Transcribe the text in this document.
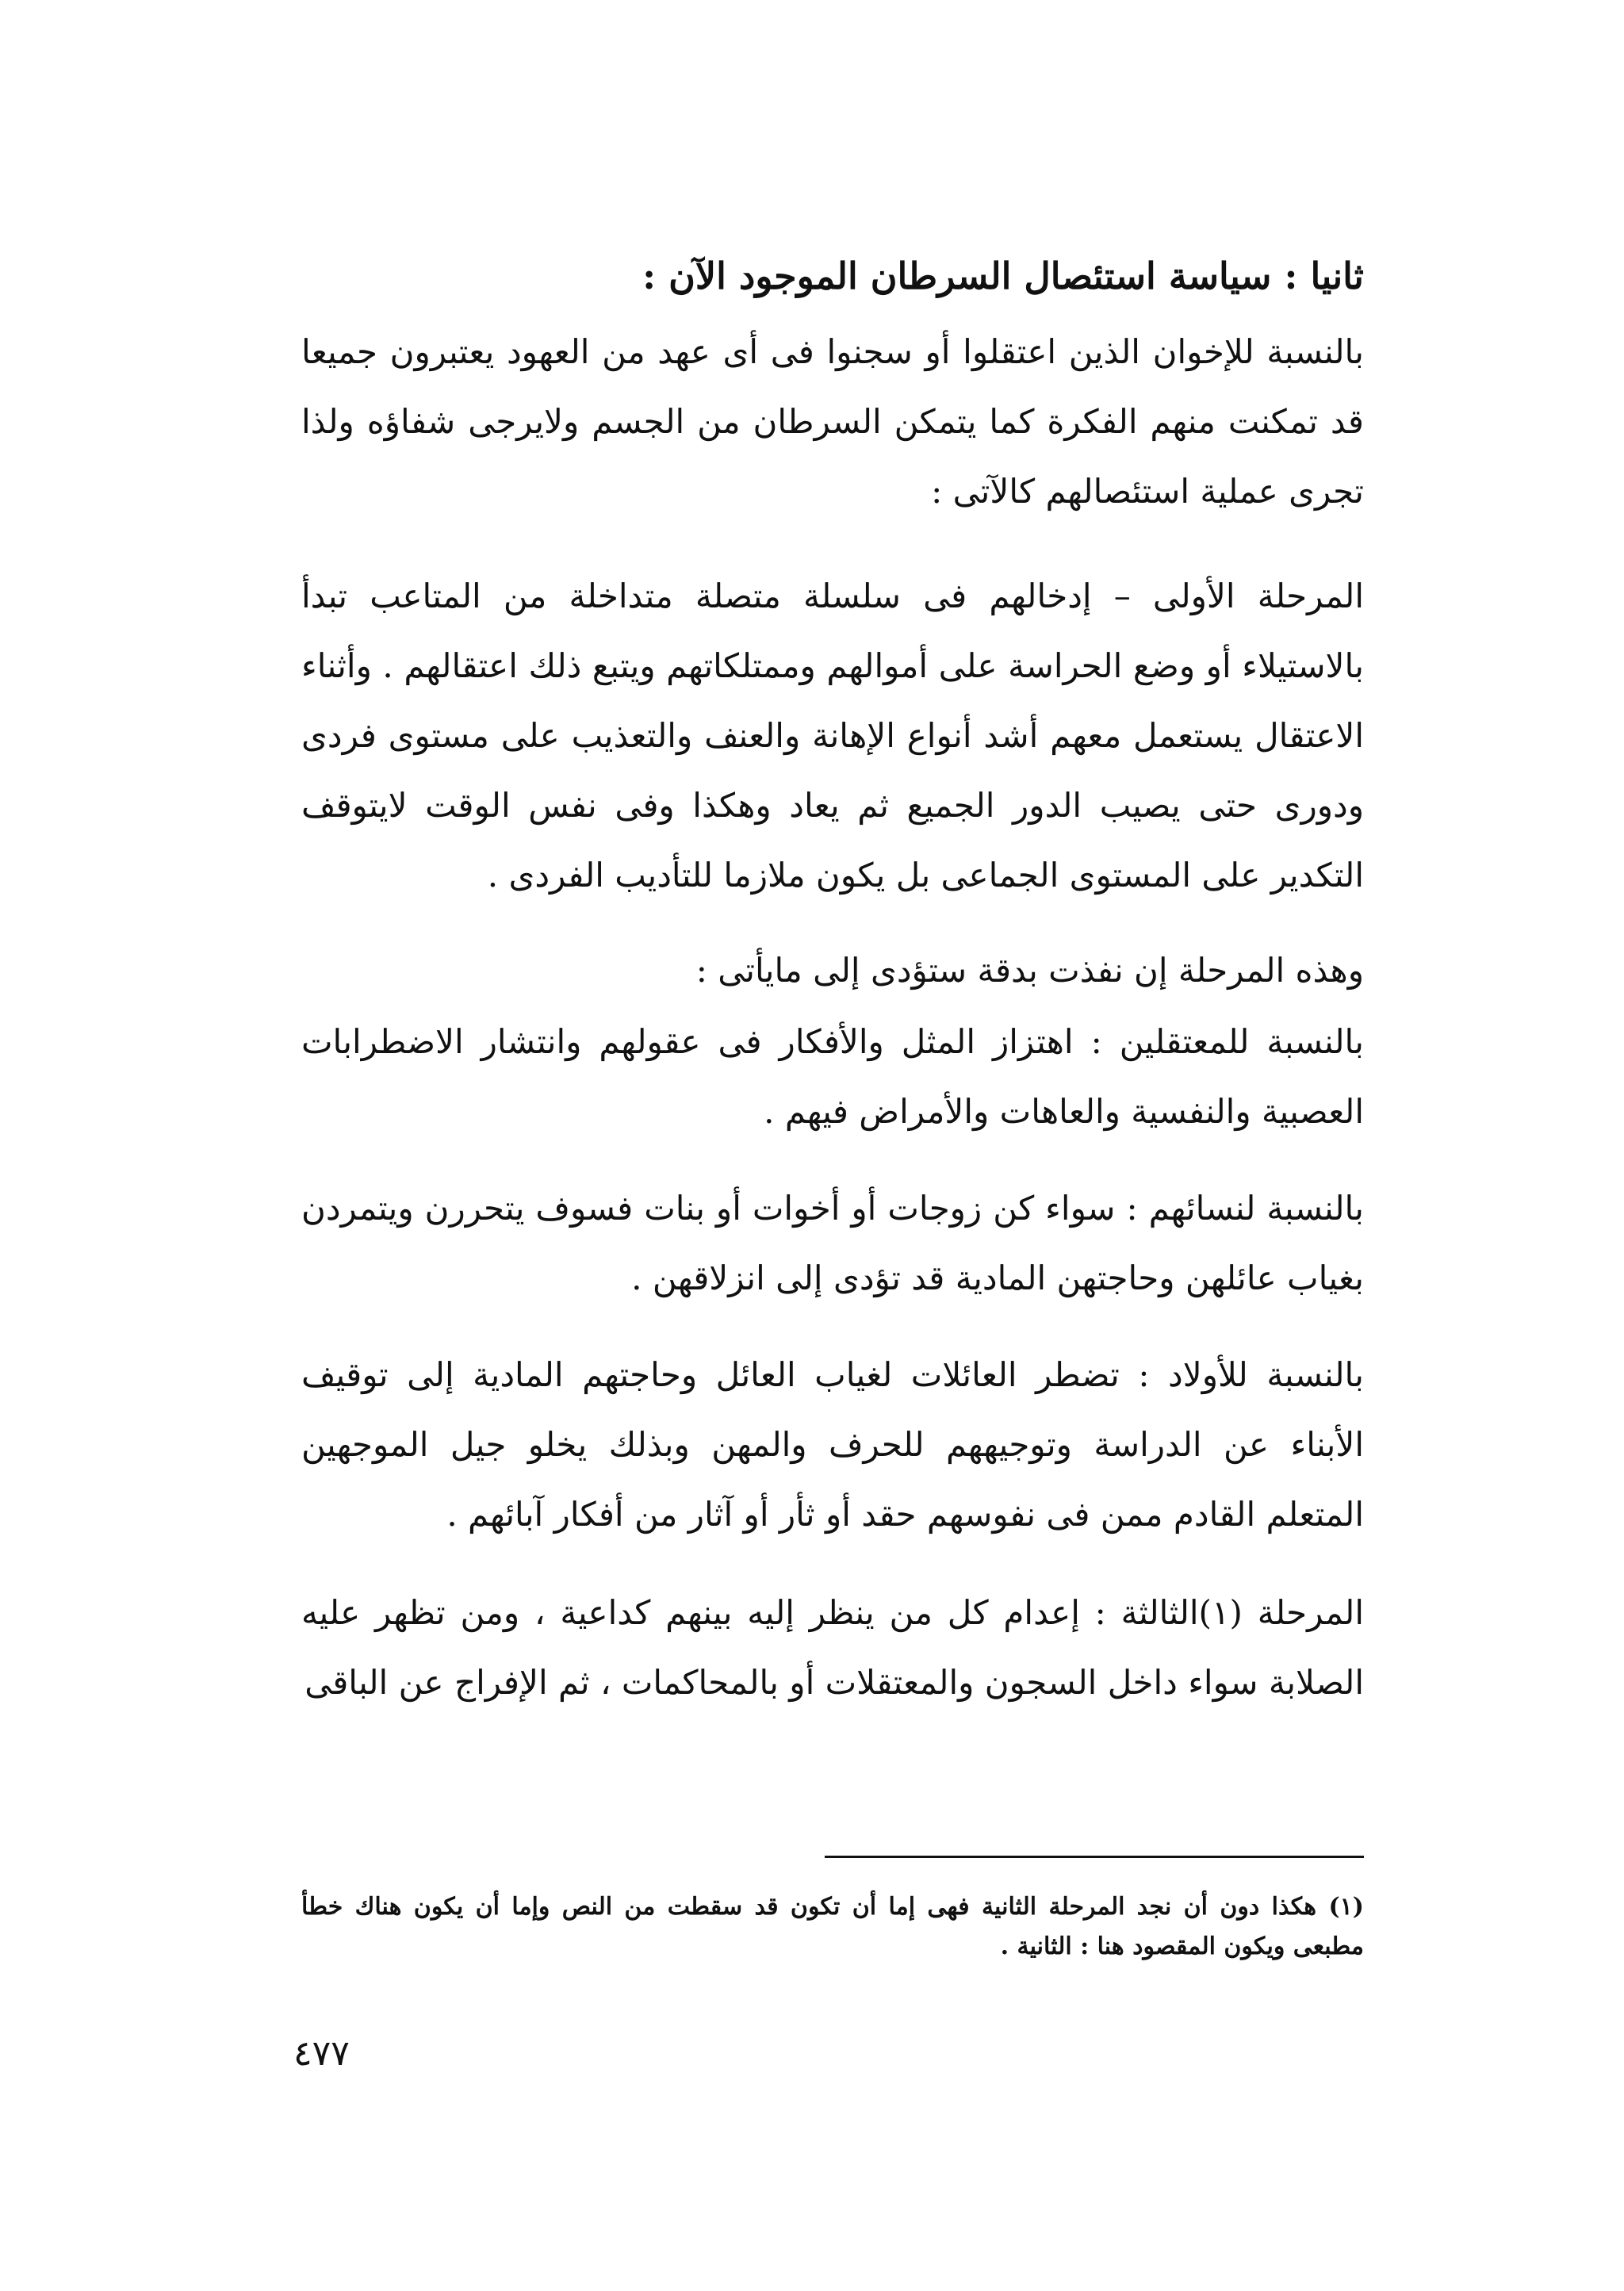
ثانيا : سياسة استئصال السرطان الموجود الآن :
بالنسبة للإخوان الذين اعتقلوا أو سجنوا فى أى عهد من العهود يعتبرون جميعا قد تمكنت منهم الفكرة كما يتمكن السرطان من الجسم ولايرجى شفاؤه ولذا تجرى عملية استئصالهم كالآتى :
المرحلة الأولى – إدخالهم فى سلسلة متصلة متداخلة من المتاعب تبدأ بالاستيلاء أو وضع الحراسة على أموالهم وممتلكاتهم ويتبع ذلك اعتقالهم . وأثناء الاعتقال يستعمل معهم أشد أنواع الإهانة والعنف والتعذيب على مستوى فردى ودورى حتى يصيب الدور الجميع ثم يعاد وهكذا وفى نفس الوقت لايتوقف التكدير على المستوى الجماعى بل يكون ملازما للتأديب الفردى .
وهذه المرحلة إن نفذت بدقة ستؤدى إلى مايأتى :
بالنسبة للمعتقلين : اهتزاز المثل والأفكار فى عقولهم وانتشار الاضطرابات العصبية والنفسية والعاهات والأمراض فيهم .
بالنسبة لنسائهم : سواء كن زوجات أو أخوات أو بنات فسوف يتحررن ويتمردن بغياب عائلهن وحاجتهن المادية قد تؤدى إلى انزلاقهن .
بالنسبة للأولاد : تضطر العائلات لغياب العائل وحاجتهم المادية إلى توقيف الأبناء عن الدراسة وتوجيههم للحرف والمهن وبذلك يخلو جيل الموجهين المتعلم القادم ممن فى نفوسهم حقد أو ثأر أو آثار من أفكار آبائهم .
المرحلة (١)الثالثة : إعدام كل من ينظر إليه بينهم كداعية ، ومن تظهر عليه الصلابة سواء داخل السجون والمعتقلات أو بالمحاكمات ، ثم الإفراج عن الباقى
(١) هكذا دون أن نجد المرحلة الثانية فهى إما أن تكون قد سقطت من النص وإما أن يكون هناك خطأ مطبعى ويكون المقصود هنا : الثانية .
٤٧٧
